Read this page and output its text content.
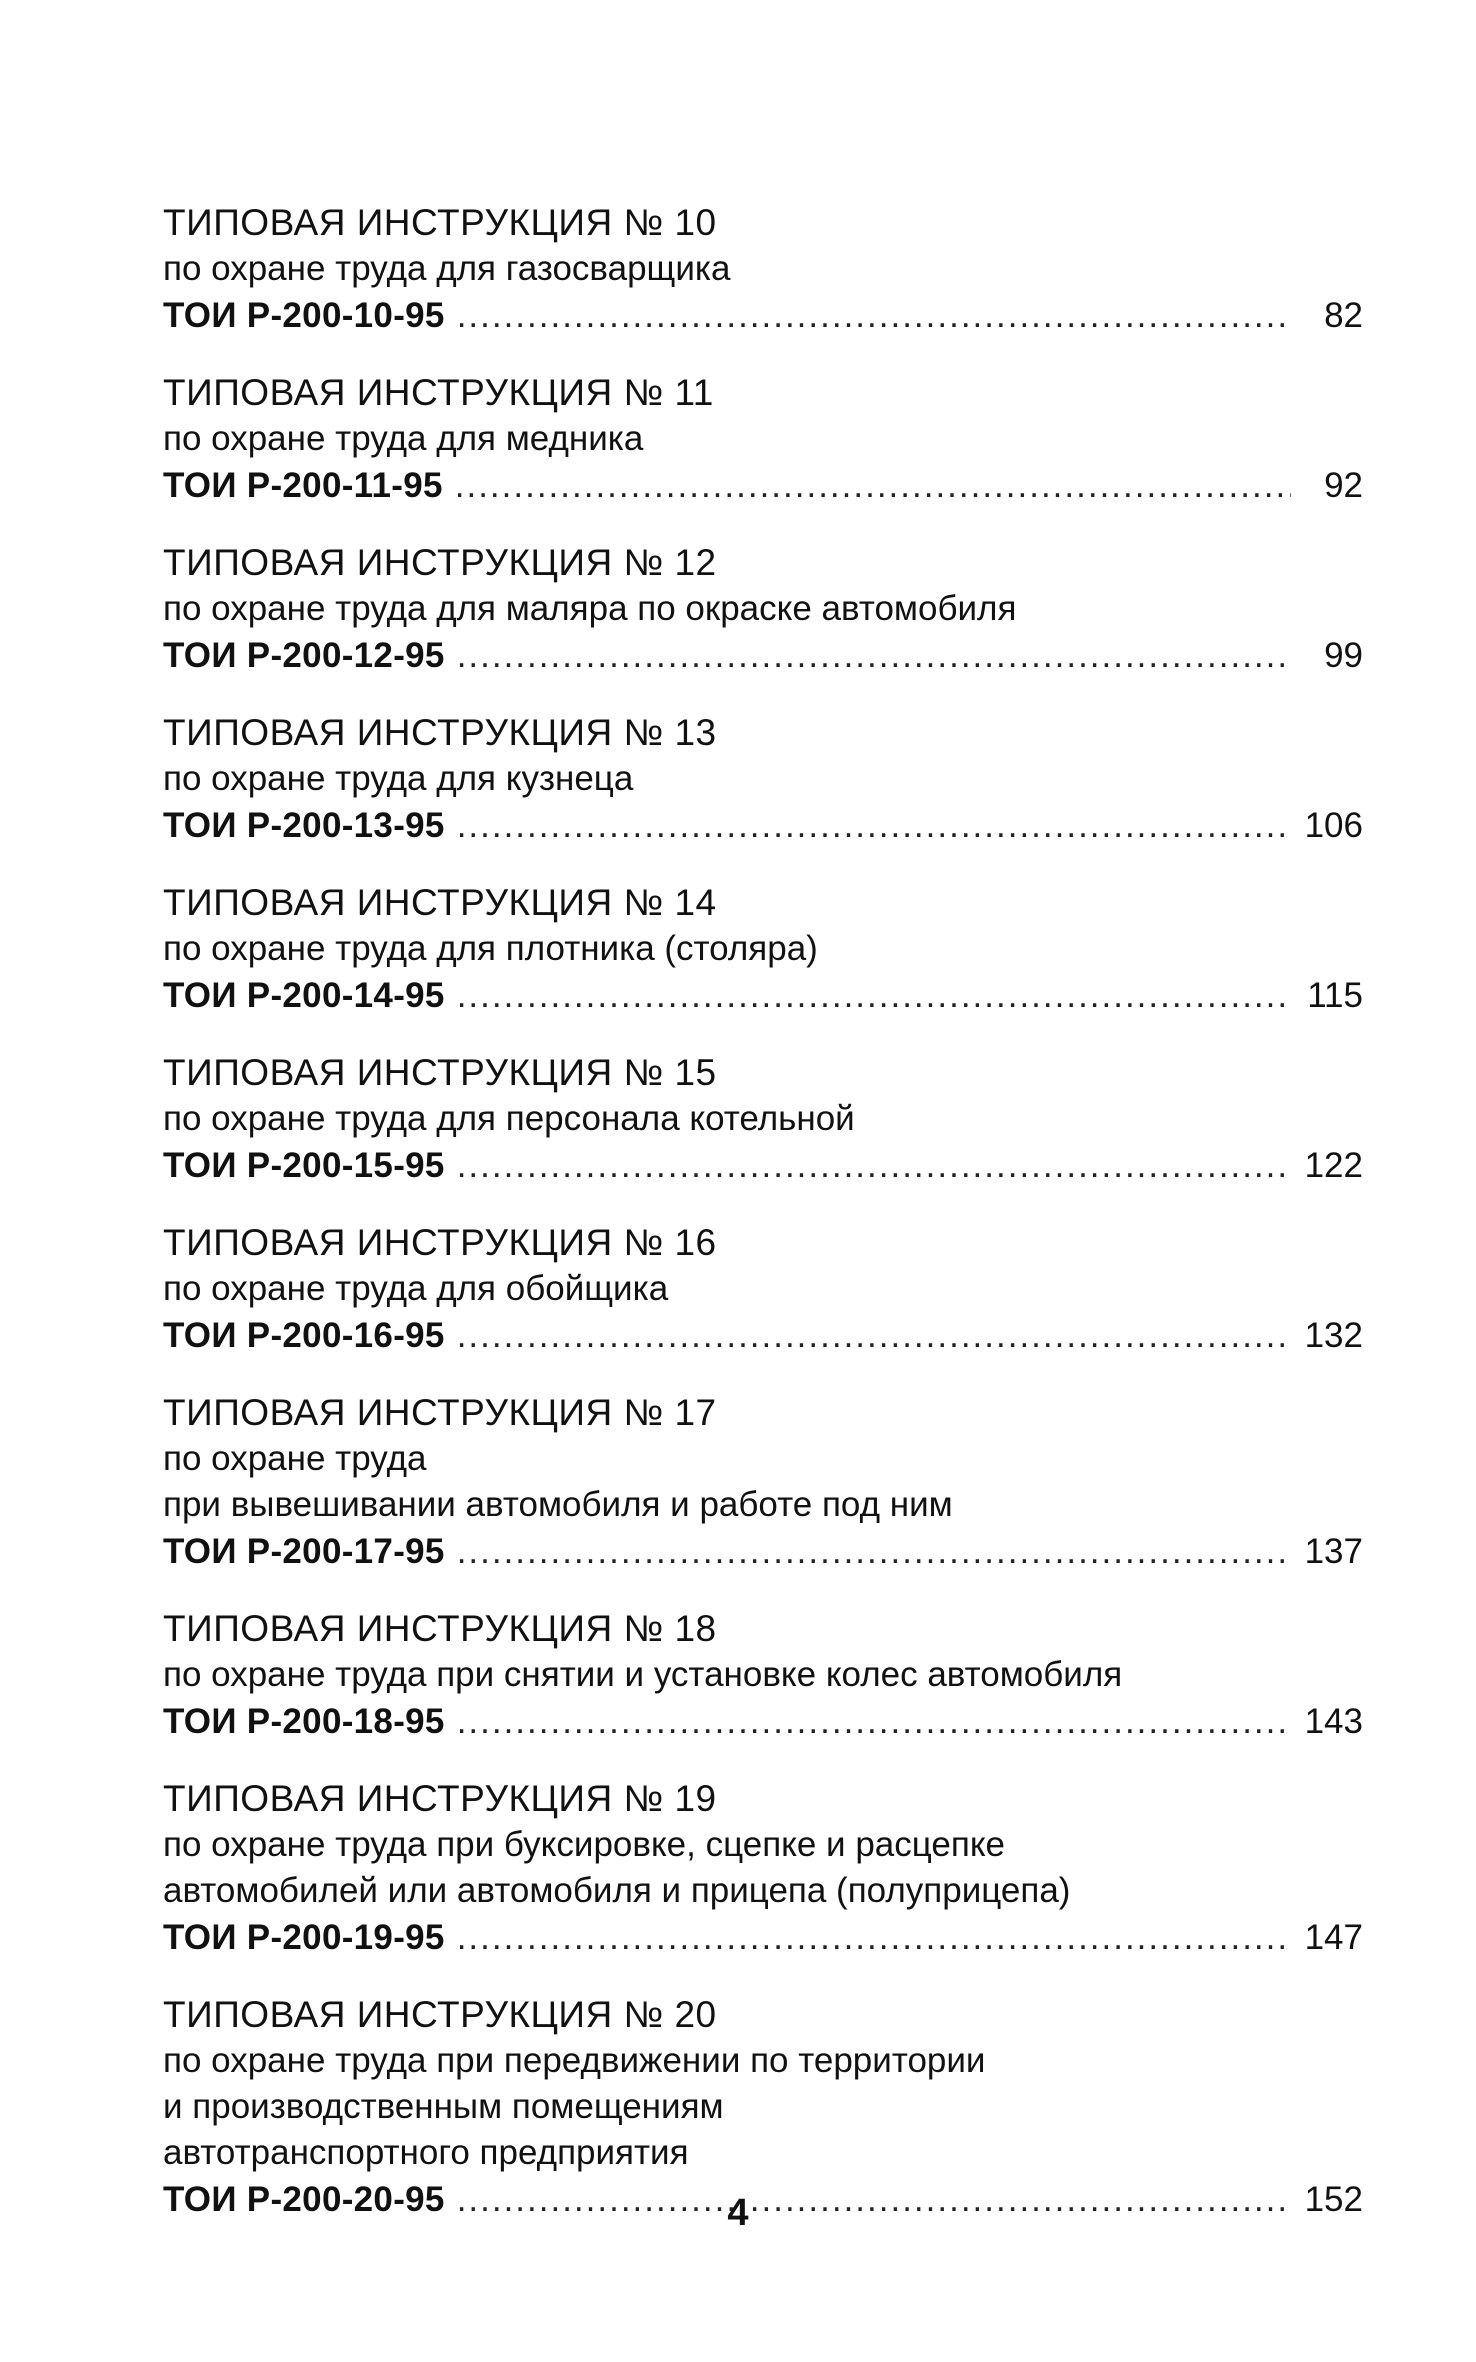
ТИПОВАЯ ИНСТРУКЦИЯ № 10
по охране труда для газосварщика
ТОИ Р-200-10-95 .....	82
ТИПОВАЯ ИНСТРУКЦИЯ № 11
по охране труда для медника
ТОИ Р-200-11-95 .....	92
ТИПОВАЯ ИНСТРУКЦИЯ № 12
по охране труда для маляра по окраске автомобиля
ТОИ Р-200-12-95 .....	99
ТИПОВАЯ ИНСТРУКЦИЯ № 13
по охране труда для кузнеца
ТОИ Р-200-13-95 .....	106
ТИПОВАЯ ИНСТРУКЦИЯ № 14
по охране труда для плотника (столяра)
ТОИ Р-200-14-95 .....	115
ТИПОВАЯ ИНСТРУКЦИЯ № 15
по охране труда для персонала котельной
ТОИ Р-200-15-95 .....	122
ТИПОВАЯ ИНСТРУКЦИЯ № 16
по охране труда для обойщика
ТОИ Р-200-16-95 .....	132
ТИПОВАЯ ИНСТРУКЦИЯ № 17
по охране труда
при вывешивании автомобиля и работе под ним
ТОИ Р-200-17-95 .....	137
ТИПОВАЯ ИНСТРУКЦИЯ № 18
по охране труда при снятии и установке колес автомобиля
ТОИ Р-200-18-95 .....	143
ТИПОВАЯ ИНСТРУКЦИЯ № 19
по охране труда при буксировке, сцепке и расцепке
автомобилей или автомобиля и прицепа (полуприцепа)
ТОИ Р-200-19-95 .....	147
ТИПОВАЯ ИНСТРУКЦИЯ № 20
по охране труда при передвижении по территории
и производственным помещениям
автотранспортного предприятия
ТОИ Р-200-20-95 .....	152
4
